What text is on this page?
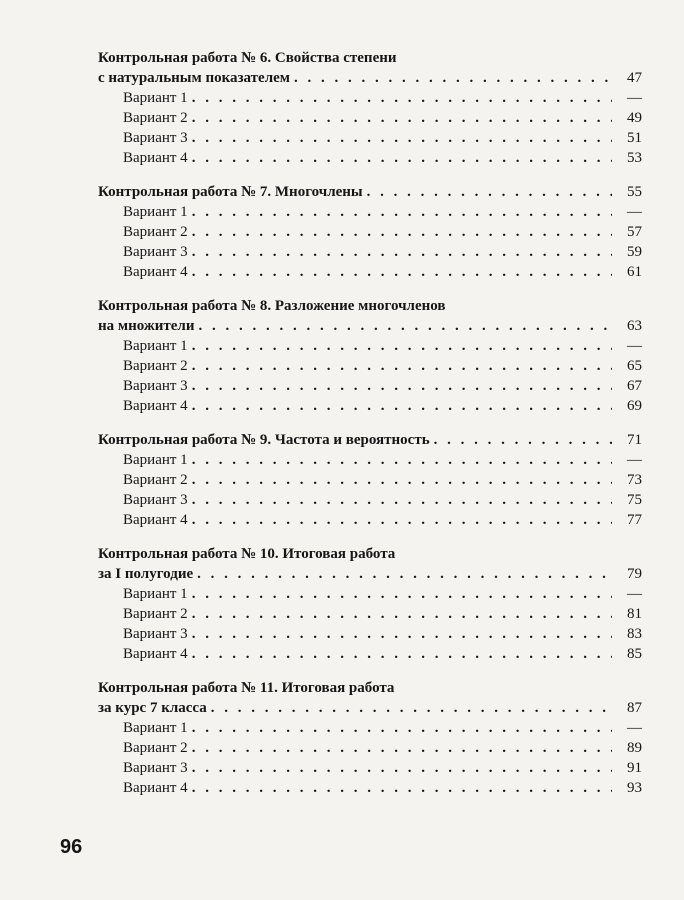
Контрольная работа № 6. Свойства степени
с натуральным показателем . . .	47
Вариант 1 . . .	—
Вариант 2 . . .	49
Вариант 3 . . .	51
Вариант 4 . . .	53
Контрольная работа № 7. Многочлены . . .	55
Вариант 1 . . .	—
Вариант 2 . . .	57
Вариант 3 . . .	59
Вариант 4 . . .	61
Контрольная работа № 8. Разложение многочленов
на множители . . .	63
Вариант 1 . . .	—
Вариант 2 . . .	65
Вариант 3 . . .	67
Вариант 4 . . .	69
Контрольная работа № 9. Частота и вероятность . . .	71
Вариант 1 . . .	—
Вариант 2 . . .	73
Вариант 3 . . .	75
Вариант 4 . . .	77
Контрольная работа № 10. Итоговая работа
за I полугодие . . .	79
Вариант 1 . . .	—
Вариант 2 . . .	81
Вариант 3 . . .	83
Вариант 4 . . .	85
Контрольная работа № 11. Итоговая работа
за курс 7 класса . . .	87
Вариант 1 . . .	—
Вариант 2 . . .	89
Вариант 3 . . .	91
Вариант 4 . . .	93
96
